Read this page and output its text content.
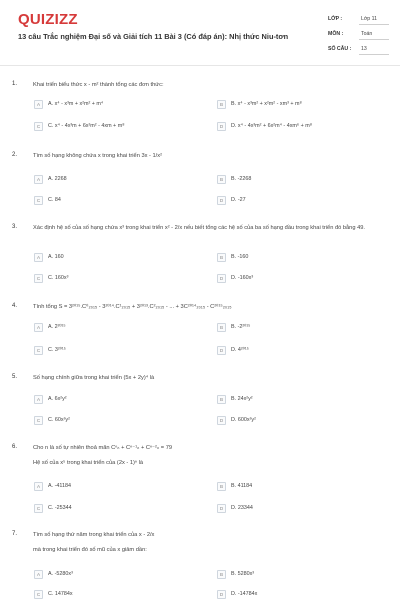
QUIZIZZ
13 câu Trắc nghiệm Đại số và Giải tích 11 Bài 3 (Có đáp án): Nhị thức Niu-tơn
LỚP :	Lớp 11
MÔN :	Toán
SỐ CÂU : 13
1.	Khai triển biểu thức x - m² thành tổng các đơn thức:
A	A. x⁴ - x³m + x²m² + m⁴	B	B. x⁴ - x³m² + x²m² - xm³ + m⁸
C	C. x⁴ - 4x³m + 6x²m² - 4xm + m⁸	D	D. x⁴ - 4x³m² + 6x²m⁴ - 4xm⁶ + m⁸
2.	Tìm số hạng không chứa x trong khai triển 3x - 1/x²
A	A. 2268	B	B. -2268
C	C. 84	D	D. -27
3.	Xác định hệ số của số hạng chứa x³ trong khai triển x² - 2/x nếu biết tổng các hệ số của ba số hạng đầu trong khai triển đó bằng 49.
A	A. 160	B	B. -160
C	C. 160x³	D	D. -160x³
4.	Tính tổng S = 3²⁰¹⁵.C⁰₂₀₁₅ - 3²⁰¹⁴.C¹₂₀₁₅ + 3²⁰¹³.C²₂₀₁₅ - ... + 3C²⁰¹⁴₂₀₁₅ - C²⁰¹⁵₂₀₁₅
A	A. 2²⁰¹⁵	B	B. -2²⁰¹⁵
C	C. 3²⁰¹⁵	D	D. 4²⁰¹⁵
5.	Số hạng chính giữa trong khai triển (5x + 2y)⁴ là
A	A. 6x²y²	B	B. 24x²y²
C	C. 60x²y²	D	D. 600x²y²
6.	Cho n là số tự nhiên thoả mãn Cⁿₙ + Cⁿ⁻¹ₙ + Cⁿ⁻²ₙ = 79
Hệ số của x⁵ trong khai triển của (2x - 1)ⁿ là
A	A. -41184	B	B. 41184
C	C. -25344	D	D. 23344
7.	Tìm số hạng thứ năm trong khai triển của x - 2/x
mà trong khai triển đó số mũ của x giảm dần:
A	A. -5280x³	B	B. 5280x³
C	C. 14784x	D	D. -14784x
